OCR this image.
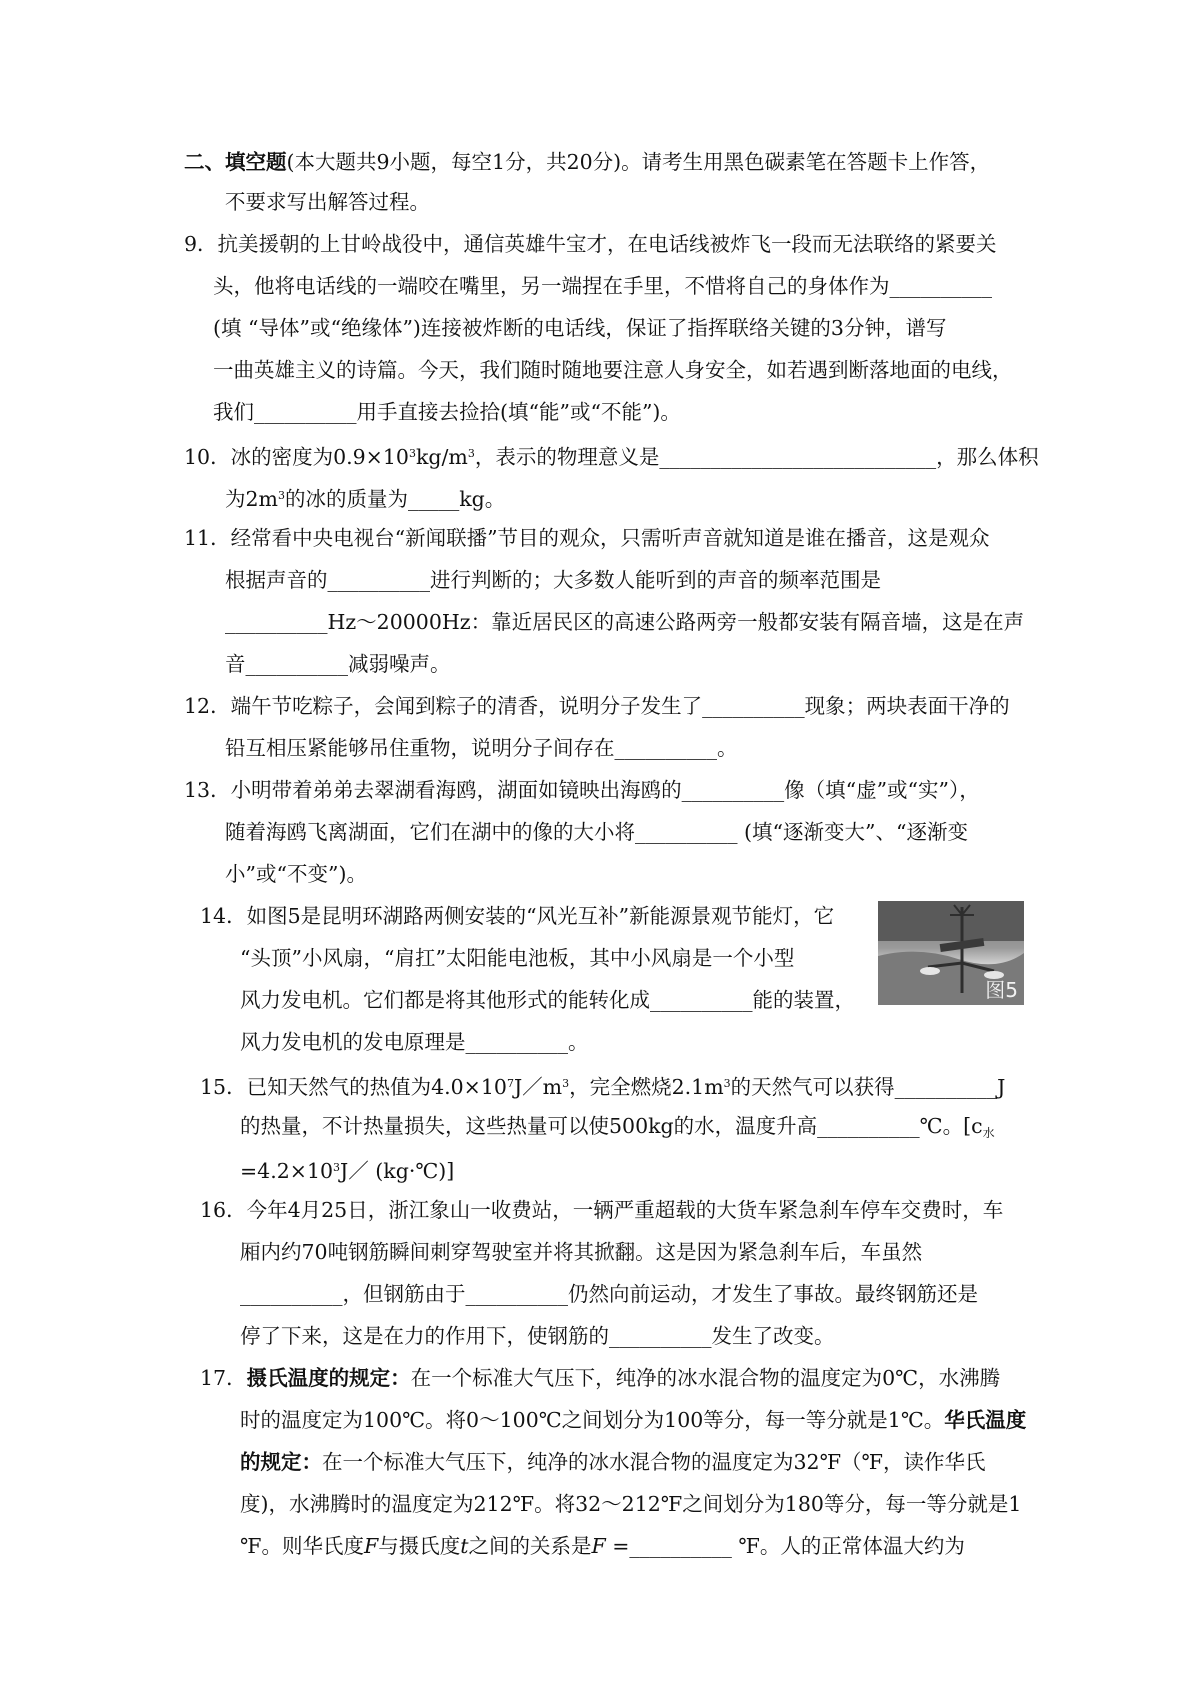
二、填空题(本大题共9小题，每空1分，共20分)。请考生用黑色碳素笔在答题卡上作答，
不要求写出解答过程。
9．抗美援朝的上甘岭战役中，通信英雄牛宝才，在电话线被炸飞一段而无法联络的紧要关
头，他将电话线的一端咬在嘴里，另一端捏在手里，不惜将自己的身体作为__________
(填 “导体”或“绝缘体”)连接被炸断的电话线，保证了指挥联络关键的3分钟，谱写
一曲英雄主义的诗篇。今天，我们随时随地要注意人身安全，如若遇到断落地面的电线，
我们__________用手直接去捡拾(填“能”或“不能”)。
10．冰的密度为$0.9\times 10^3kg/m^3$，表示的物理意义是___________________________，那么体积
为$2m^3$的冰的质量为_____kg。
11．经常看中央电视台“新闻联播”节目的观众，只需听声音就知道是谁在播音，这是观众
根据声音的__________进行判断的；大多数人能听到的声音的频率范围是
__________Hz～20000Hz：靠近居民区的高速公路两旁一般都安装有隔音墙，这是在声
音__________减弱噪声。
12．端午节吃粽子，会闻到粽子的清香，说明分子发生了__________现象；两块表面干净的
铅互相压紧能够吊住重物，说明分子间存在__________。
13．小明带着弟弟去翠湖看海鸥，湖面如镜映出海鸥的__________像（填“虚”或“实”），
随着海鸥飞离湖面，它们在湖中的像的大小将__________ (填“逐渐变大”、“逐渐变
小”或“不变”)。
14．如图5是昆明环湖路两侧安装的“风光互补”新能源景观节能灯，它
“头顶”小风扇，“肩扛”太阳能电池板，其中小风扇是一个小型
风力发电机。它们都是将其他形式的能转化成__________能的装置，
风力发电机的发电原理是__________。
图5
15．已知天然气的热值为$4.0\times 10^7J/m^3$，完全燃烧$2.1m^3$的天然气可以获得__________J
的热量，不计热量损失，这些热量可以使500kg的水，温度升高__________℃。[$c_水$
$=4.2\times 10^3J/$ (kg·℃)]
16．今年4月25日，浙江象山一收费站，一辆严重超载的大货车紧急刹车停车交费时，车
厢内约70吨钢筋瞬间刺穿驾驶室并将其掀翻。这是因为紧急刹车后，车虽然
__________，但钢筋由于__________仍然向前运动，才发生了事故。最终钢筋还是
停了下来，这是在力的作用下，使钢筋的__________发生了改变。
17．摄氏温度的规定：在一个标准大气压下，纯净的冰水混合物的温度定为0℃，水沸腾
时的温度定为100℃。将0～100℃之间划分为100等分，每一等分就是1℃。华氏温度
的规定：在一个标准大气压下，纯净的冰水混合物的温度定为32℉（℉，读作华氏
度)，水沸腾时的温度定为212℉。将32～212℉之间划分为180等分，每一等分就是1
℉。则华氏度F与摄氏度t之间的关系是F =__________ ℉。人的正常体温大约为
